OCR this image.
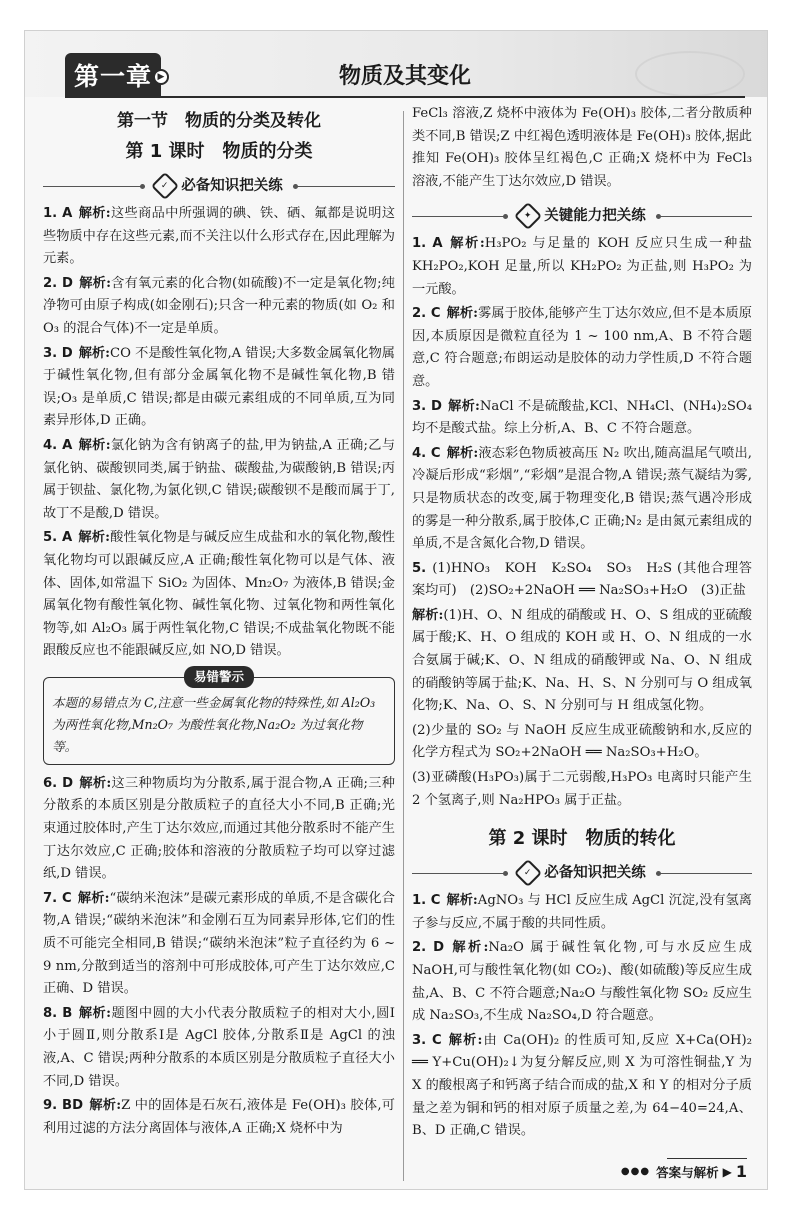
第一章 ▶	物质及其变化
第一节　物质的分类及转化
第 1 课时　物质的分类
✓ 必备知识把关练
1. A 解析:这些商品中所强调的碘、铁、硒、氟都是说明这些物质中存在这些元素,而不关注以什么形式存在,因此理解为元素。
2. D 解析:含有氧元素的化合物(如硫酸)不一定是氧化物;纯净物可由原子构成(如金刚石);只含一种元素的物质(如 O₂ 和 O₃ 的混合气体)不一定是单质。
3. D 解析:CO 不是酸性氧化物,A 错误;大多数金属氧化物属于碱性氧化物,但有部分金属氧化物不是碱性氧化物,B 错误;O₃ 是单质,C 错误;都是由碳元素组成的不同单质,互为同素异形体,D 正确。
4. A 解析:氯化钠为含有钠离子的盐,甲为钠盐,A 正确;乙与氯化钠、碳酸钡同类,属于钠盐、碳酸盐,为碳酸钠,B 错误;丙属于钡盐、氯化物,为氯化钡,C 错误;碳酸钡不是酸而属于丁,故丁不是酸,D 错误。
5. A 解析:酸性氧化物是与碱反应生成盐和水的氧化物,酸性氧化物均可以跟碱反应,A 正确;酸性氧化物可以是气体、液体、固体,如常温下 SiO₂ 为固体、Mn₂O₇ 为液体,B 错误;金属氧化物有酸性氧化物、碱性氧化物、过氧化物和两性氧化物等,如 Al₂O₃ 属于两性氧化物,C 错误;不成盐氧化物既不能跟酸反应也不能跟碱反应,如 NO,D 错误。
易错警示
本题的易错点为 C,注意一些金属氧化物的特殊性,如 Al₂O₃ 为两性氧化物,Mn₂O₇ 为酸性氧化物,Na₂O₂ 为过氧化物等。
6. D 解析:这三种物质均为分散系,属于混合物,A 正确;三种分散系的本质区别是分散质粒子的直径大小不同,B 正确;光束通过胶体时,产生丁达尔效应,而通过其他分散系时不能产生丁达尔效应,C 正确;胶体和溶液的分散质粒子均可以穿过滤纸,D 错误。
7. C 解析:“碳纳米泡沫”是碳元素形成的单质,不是含碳化合物,A 错误;“碳纳米泡沫”和金刚石互为同素异形体,它们的性质不可能完全相同,B 错误;“碳纳米泡沫”粒子直径约为 6 ~ 9 nm,分散到适当的溶剂中可形成胶体,可产生丁达尔效应,C 正确、D 错误。
8. B 解析:题图中圆的大小代表分散质粒子的相对大小,圆Ⅰ小于圆Ⅱ,则分散系Ⅰ是 AgCl 胶体,分散系Ⅱ是 AgCl 的浊液,A、C 错误;两种分散系的本质区别是分散质粒子直径大小不同,D 错误。
9. BD 解析:Z 中的固体是石灰石,液体是 Fe(OH)₃ 胶体,可利用过滤的方法分离固体与液体,A 正确;X 烧杯中为
FeCl₃ 溶液,Z 烧杯中液体为 Fe(OH)₃ 胶体,二者分散质种类不同,B 错误;Z 中红褐色透明液体是 Fe(OH)₃ 胶体,据此推知 Fe(OH)₃ 胶体呈红褐色,C 正确;X 烧杯中为 FeCl₃ 溶液,不能产生丁达尔效应,D 错误。
✦ 关键能力把关练
1. A 解析:H₃PO₂ 与足量的 KOH 反应只生成一种盐 KH₂PO₂,KOH 足量,所以 KH₂PO₂ 为正盐,则 H₃PO₂ 为一元酸。
2. C 解析:雾属于胶体,能够产生丁达尔效应,但不是本质原因,本质原因是微粒直径为 1 ~ 100 nm,A、B 不符合题意,C 符合题意;布朗运动是胶体的动力学性质,D 不符合题意。
3. D 解析:NaCl 不是硫酸盐,KCl、NH₄Cl、(NH₄)₂SO₄ 均不是酸式盐。综上分析,A、B、C 不符合题意。
4. C 解析:液态彩色物质被高压 N₂ 吹出,随高温尾气喷出,冷凝后形成“彩烟”,“彩烟”是混合物,A 错误;蒸气凝结为雾,只是物质状态的改变,属于物理变化,B 错误;蒸气遇冷形成的雾是一种分散系,属于胶体,C 正确;N₂ 是由氮元素组成的单质,不是含氮化合物,D 错误。
5. (1)HNO₃　KOH　K₂SO₄　SO₃　H₂S (其他合理答案均可)　(2)SO₂+2NaOH ══ Na₂SO₃+H₂O　(3)正盐
解析:(1)H、O、N 组成的硝酸或 H、O、S 组成的亚硫酸属于酸;K、H、O 组成的 KOH 或 H、O、N 组成的一水合氨属于碱;K、O、N 组成的硝酸钾或 Na、O、N 组成的硝酸钠等属于盐;K、Na、H、S、N 分别可与 O 组成氧化物;K、Na、O、S、N 分别可与 H 组成氢化物。
(2)少量的 SO₂ 与 NaOH 反应生成亚硫酸钠和水,反应的化学方程式为 SO₂+2NaOH ══ Na₂SO₃+H₂O。
(3)亚磷酸(H₃PO₃)属于二元弱酸,H₃PO₃ 电离时只能产生 2 个氢离子,则 Na₂HPO₃ 属于正盐。
第 2 课时　物质的转化
✓ 必备知识把关练
1. C 解析:AgNO₃ 与 HCl 反应生成 AgCl 沉淀,没有氢离子参与反应,不属于酸的共同性质。
2. D 解析:Na₂O 属于碱性氧化物,可与水反应生成 NaOH,可与酸性氧化物(如 CO₂)、酸(如硫酸)等反应生成盐,A、B、C 不符合题意;Na₂O 与酸性氧化物 SO₂ 反应生成 Na₂SO₃,不生成 Na₂SO₄,D 符合题意。
3. C 解析:由 Ca(OH)₂ 的性质可知,反应 X+Ca(OH)₂ ══ Y+Cu(OH)₂↓为复分解反应,则 X 为可溶性铜盐,Y 为 X 的酸根离子和钙离子结合而成的盐,X 和 Y 的相对分子质量之差为铜和钙的相对原子质量之差,为 64−40=24,A、B、D 正确,C 错误。
●●● 答案与解析 ▶ 1
